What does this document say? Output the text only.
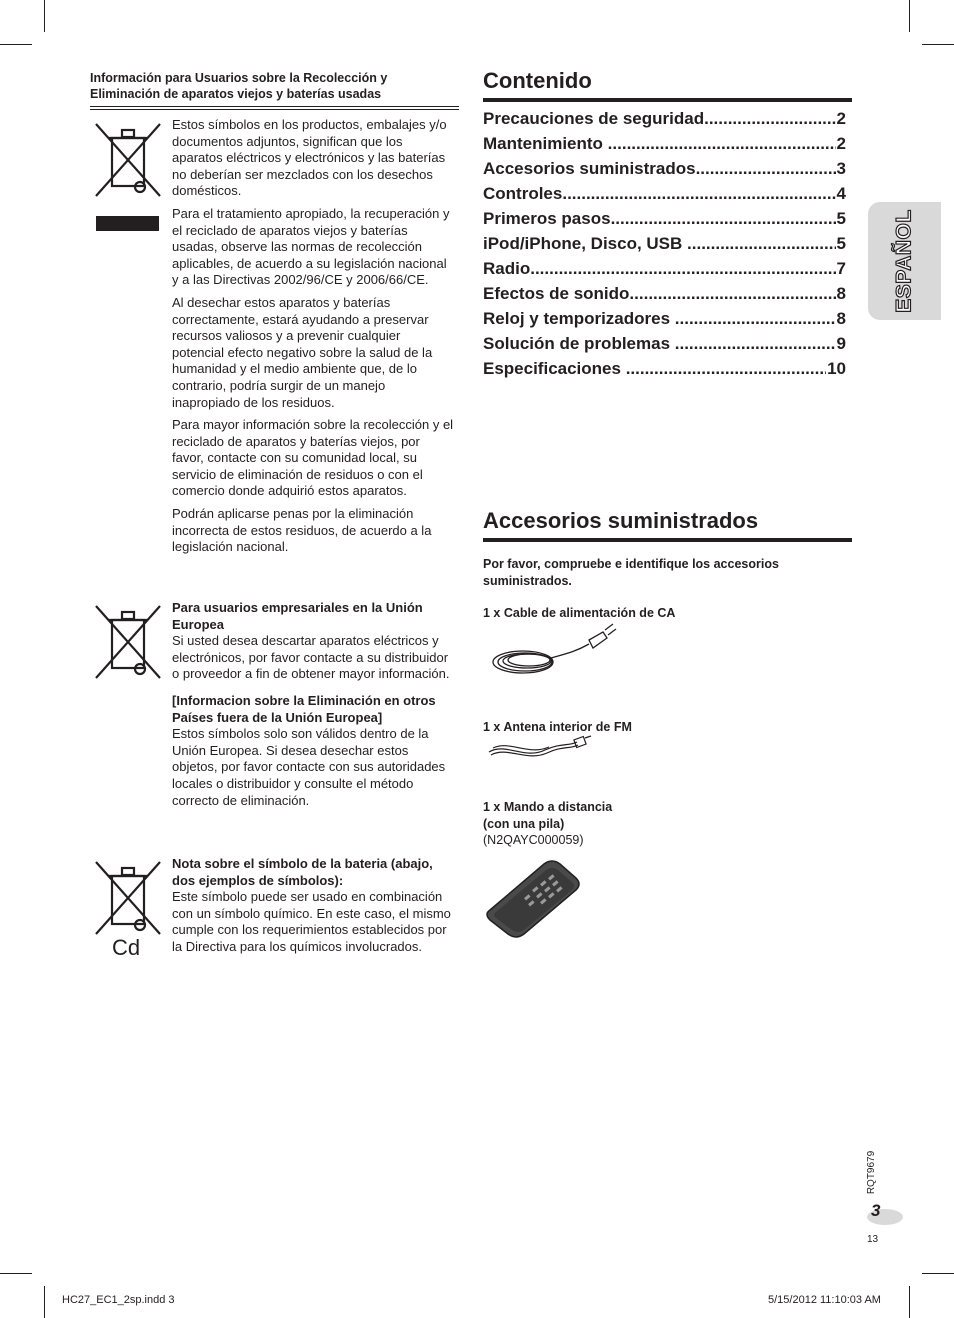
Información para Usuarios sobre la Recolección y
Eliminación de aparatos viejos y baterías usadas

Estos símbolos en los productos, embalajes y/o documentos adjuntos, significan que los aparatos eléctricos y electrónicos y las baterías no deberían ser mezclados con los desechos domésticos.

Para el tratamiento apropiado, la recuperación y el reciclado de aparatos viejos y baterías usadas, observe las normas de recolección aplicables, de acuerdo a su legislación nacional y a las Directivas 2002/96/CE y 2006/66/CE.

Al desechar estos aparatos y baterías correctamente, estará ayudando a preservar recursos valiosos y a prevenir cualquier potencial efecto negativo sobre la salud de la humanidad y el medio ambiente que, de lo contrario, podría surgir de un manejo inapropiado de los residuos.

Para mayor información sobre la recolección y el reciclado de aparatos y baterías viejos, por favor, contacte con su comunidad local, su servicio de eliminación de residuos o con el comercio donde adquirió estos aparatos.

Podrán aplicarse penas por la eliminación incorrecta de estos residuos, de acuerdo a la legislación nacional.

Para usuarios empresariales en la Unión Europea
Si usted desea descartar aparatos eléctricos y electrónicos, por favor contacte a su distribuidor o proveedor a fin de obtener mayor información.

[Informacion sobre la Eliminación en otros Países fuera de la Unión Europea]
Estos símbolos solo son válidos dentro de la Unión Europea. Si desea desechar estos objetos, por favor contacte con sus autoridades locales o distribuidor y consulte el método correcto de eliminación.

Cd

Nota sobre el símbolo de la bateria (abajo, dos ejemplos de símbolos):
Este símbolo puede ser usado en combinación con un símbolo químico. En este caso, el mismo cumple con los requerimientos establecidos por la Directiva para los químicos involucrados.

Contenido
Precauciones de seguridad .....	2
Mantenimiento .....	2
Accesorios suministrados .....	3
Controles .....	4
Primeros pasos .....	5
iPod/iPhone, Disco, USB .....	5
Radio .....	7
Efectos de sonido .....	8
Reloj y temporizadores .....	8
Solución de problemas .....	9
Especificaciones .....	10
Accesorios suministrados
Por favor, compruebe e identifique los accesorios suministrados.
1 x Cable de alimentación de CA
1 x Antena interior de FM
1 x Mando a distancia
(con una pila)
(N2QAYC000059)
ESPAÑOL
RQT9679
3
13
HC27_EC1_2sp.indd 3	5/15/2012 11:10:03 AM
